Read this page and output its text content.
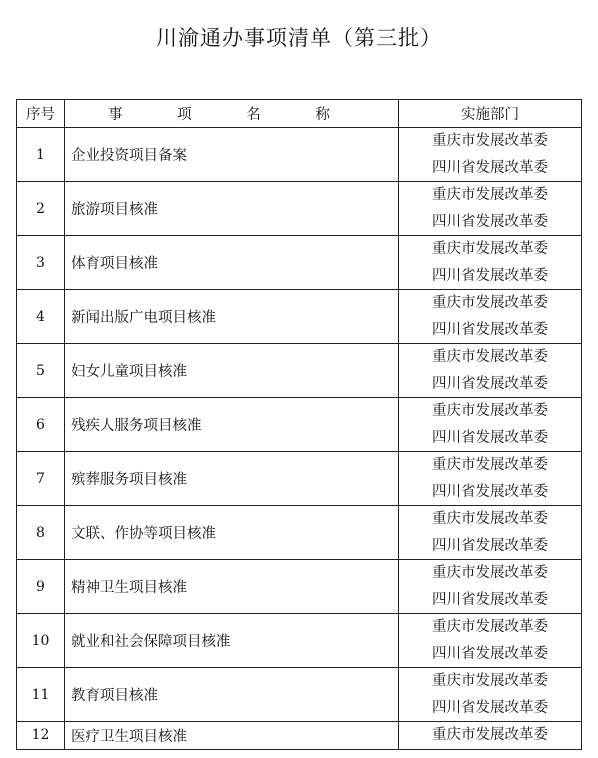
川渝通办事项清单（第三批）
序号	事 项 名 称	实施部门
1	企业投资项目备案	重庆市发展改革委
四川省发展改革委

2	旅游项目核准	重庆市发展改革委
四川省发展改革委

3	体育项目核准	重庆市发展改革委
四川省发展改革委

4	新闻出版广电项目核准	重庆市发展改革委
四川省发展改革委

5	妇女儿童项目核准	重庆市发展改革委
四川省发展改革委

6	残疾人服务项目核准	重庆市发展改革委
四川省发展改革委

7	殡葬服务项目核准	重庆市发展改革委
四川省发展改革委

8	文联、作协等项目核准	重庆市发展改革委
四川省发展改革委

9	精神卫生项目核准	重庆市发展改革委
四川省发展改革委

10	就业和社会保障项目核准	重庆市发展改革委
四川省发展改革委

11	教育项目核准	重庆市发展改革委
四川省发展改革委

12	医疗卫生项目核准	重庆市发展改革委
